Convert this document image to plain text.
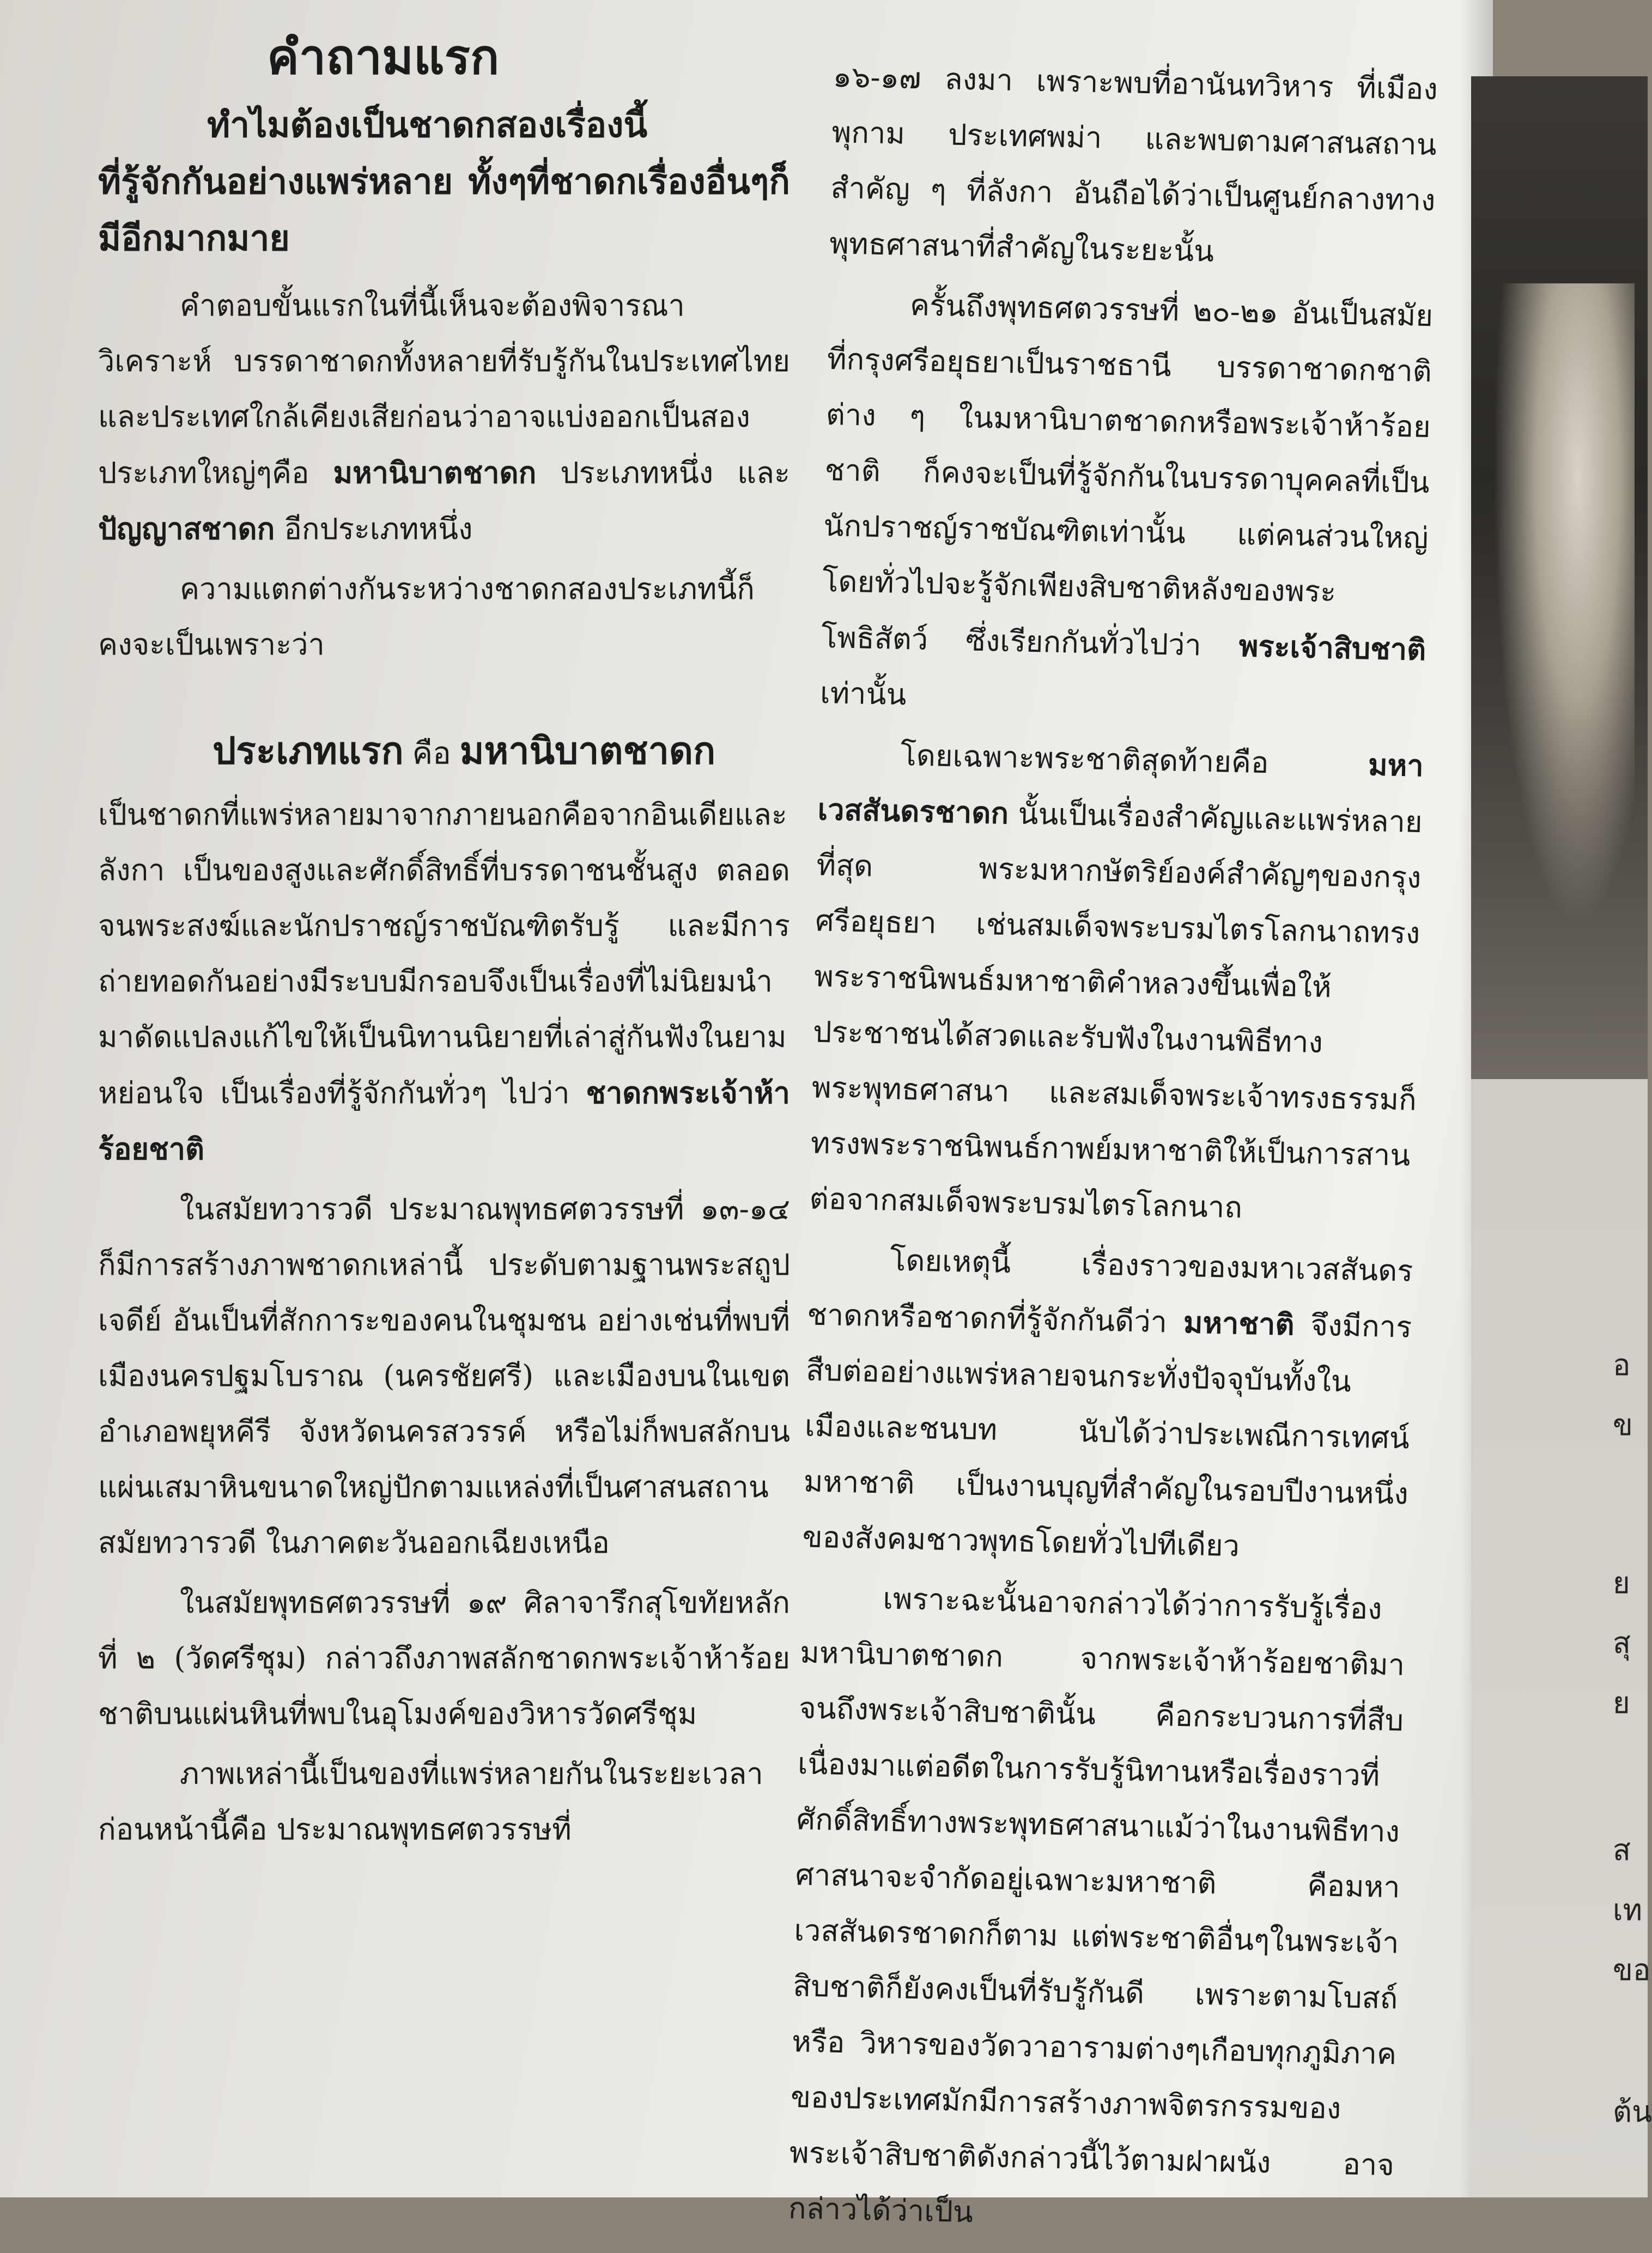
คำถามแรก
ทำไมต้องเป็นชาดกสองเรื่องนี้
ที่รู้จักกันอย่างแพร่หลาย ทั้งๆที่ชาดกเรื่องอื่นๆก็มีอีกมากมาย

คำตอบขั้นแรกในที่นี้เห็นจะต้องพิจารณาวิเคราะห์ บรรดาชาดกทั้งหลายที่รับรู้กันในประเทศไทยและประเทศใกล้เคียงเสียก่อนว่าอาจแบ่งออกเป็นสองประเภทใหญ่ๆคือ มหานิบาตชาดก ประเภทหนึ่ง และ ปัญญาสชาดก อีกประเภทหนึ่ง

ความแตกต่างกันระหว่างชาดกสองประเภทนี้ก็คงจะเป็นเพราะว่า

ประเภทแรก คือ มหานิบาตชาดก

เป็นชาดกที่แพร่หลายมาจากภายนอกคือจากอินเดียและลังกา เป็นของสูงและศักดิ์สิทธิ์ที่บรรดาชนชั้นสูง ตลอดจนพระสงฆ์และนักปราชญ์ราชบัณฑิตรับรู้ และมีการถ่ายทอดกันอย่างมีระบบมีกรอบจึงเป็นเรื่องที่ไม่นิยมนำมาดัดแปลงแก้ไขให้เป็นนิทานนิยายที่เล่าสู่กันฟังในยามหย่อนใจ เป็นเรื่องที่รู้จักกันทั่วๆ ไปว่า ชาดกพระเจ้าห้าร้อยชาติ

ในสมัยทวารวดี ประมาณพุทธศตวรรษที่ ๑๓-๑๔ ก็มีการสร้างภาพชาดกเหล่านี้ ประดับตามฐานพระสถูปเจดีย์ อันเป็นที่สักการะของคนในชุมชน อย่างเช่นที่พบที่เมืองนครปฐมโบราณ (นครชัยศรี) และเมืองบนในเขตอำเภอพยุหคีรี จังหวัดนครสวรรค์ หรือไม่ก็พบสลักบนแผ่นเสมาหินขนาดใหญ่ปักตามแหล่งที่เป็นศาสนสถานสมัยทวารวดี ในภาคตะวันออกเฉียงเหนือ

ในสมัยพุทธศตวรรษที่ ๑๙ ศิลาจารึกสุโขทัยหลักที่ ๒ (วัดศรีชุม) กล่าวถึงภาพสลักชาดกพระเจ้าห้าร้อยชาติบนแผ่นหินที่พบในอุโมงค์ของวิหารวัดศรีชุม

ภาพเหล่านี้เป็นของที่แพร่หลายกันในระยะเวลาก่อนหน้านี้คือ ประมาณพุทธศตวรรษที่

๑๖-๑๗ ลงมา เพราะพบที่อานันทวิหาร ที่เมืองพุกาม ประเทศพม่า และพบตามศาสนสถานสำคัญ ๆ ที่ลังกา อันถือได้ว่าเป็นศูนย์กลางทางพุทธศาสนาที่สำคัญในระยะนั้น

ครั้นถึงพุทธศตวรรษที่ ๒๐-๒๑ อันเป็นสมัยที่กรุงศรีอยุธยาเป็นราชธานี บรรดาชาดกชาติต่าง ๆ ในมหานิบาตชาดกหรือพระเจ้าห้าร้อยชาติ ก็คงจะเป็นที่รู้จักกันในบรรดาบุคคลที่เป็นนักปราชญ์ราชบัณฑิตเท่านั้น แต่คนส่วนใหญ่โดยทั่วไปจะรู้จักเพียงสิบชาติหลังของพระโพธิสัตว์ ซึ่งเรียกกันทั่วไปว่า พระเจ้าสิบชาติ เท่านั้น

โดยเฉพาะพระชาติสุดท้ายคือ	มหาเวสสันดรชาดก นั้นเป็นเรื่องสำคัญและแพร่หลายที่สุด พระมหากษัตริย์องค์สำคัญๆของกรุงศรีอยุธยา เช่นสมเด็จพระบรมไตรโลกนาถทรงพระราชนิพนธ์มหาชาติคำหลวงขึ้นเพื่อให้ประชาชนได้สวดและรับฟังในงานพิธีทางพระพุทธศาสนา และสมเด็จพระเจ้าทรงธรรมก็ทรงพระราชนิพนธ์กาพย์มหาชาติให้เป็นการสานต่อจากสมเด็จพระบรมไตรโลกนาถ

โดยเหตุนี้ เรื่องราวของมหาเวสสันดรชาดกหรือชาดกที่รู้จักกันดีว่า มหาชาติ จึงมีการสืบต่ออย่างแพร่หลายจนกระทั่งปัจจุบันทั้งในเมืองและชนบท นับได้ว่าประเพณีการเทศน์มหาชาติ เป็นงานบุญที่สำคัญในรอบปีงานหนึ่งของสังคมชาวพุทธโดยทั่วไปทีเดียว

เพราะฉะนั้นอาจกล่าวได้ว่าการรับรู้เรื่องมหานิบาตชาดก จากพระเจ้าห้าร้อยชาติมาจนถึงพระเจ้าสิบชาตินั้น คือกระบวนการที่สืบเนื่องมาแต่อดีตในการรับรู้นิทานหรือเรื่องราวที่ศักดิ์สิทธิ์ทางพระพุทธศาสนาแม้ว่าในงานพิธีทางศาสนาจะจำกัดอยู่เฉพาะมหาชาติ คือมหาเวสสันดรชาดกก็ตาม แต่พระชาติอื่นๆในพระเจ้าสิบชาติก็ยังคงเป็นที่รับรู้กันดี เพราะตามโบสถ์ หรือ วิหารของวัดวาอารามต่างๆเกือบทุกภูมิภาคของประเทศมักมีการสร้างภาพจิตรกรรมของพระเจ้าสิบชาติดังกล่าวนี้ไว้ตามฝาผนัง อาจกล่าวได้ว่าเป็น

อ
ข
ย
สุ
ย
ส
เท
ขอ
ต้น
